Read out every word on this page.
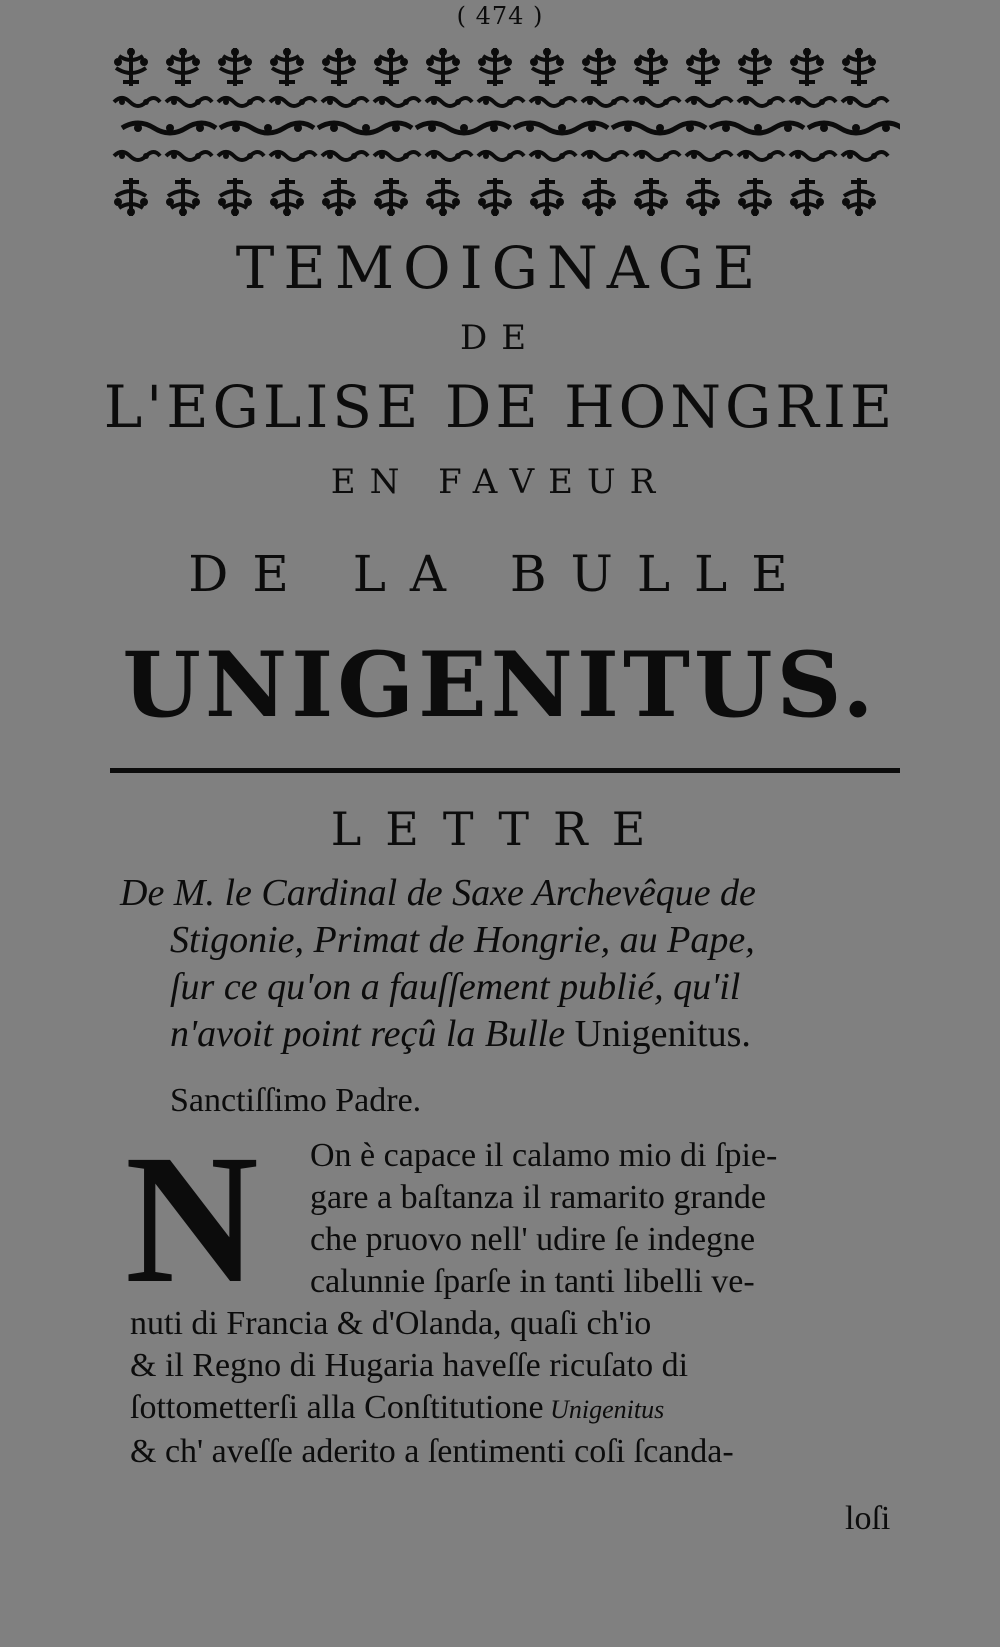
( 474 )
TEMOIGNAGE
DE
L'EGLISE DE HONGRIE
EN FAVEUR
DE LA BULLE
UNIGENITUS.
LETTRE
De M. le Cardinal de Saxe Archevêque de
Stigonie, Primat de Hongrie, au Pape,
ſur ce qu'on a fauſſement publié, qu'il
n'avoit point reçû la Bulle Unigenitus.
Sanctiſſimo Padre.
N	On è capace il calamo mio di ſpie-
gare a baſtanza il ramarito grande
che pruovo nell' udire ſe indegne
calunnie ſparſe in tanti libelli ve-
nuti di Francia & d'Olanda, quaſi ch'io
& il Regno di Hugaria haveſſe ricuſato di
ſottometterſi alla Conſtitutione Unigenitus
& ch' aveſſe aderito a ſentimenti coſi ſcanda-
loſi
